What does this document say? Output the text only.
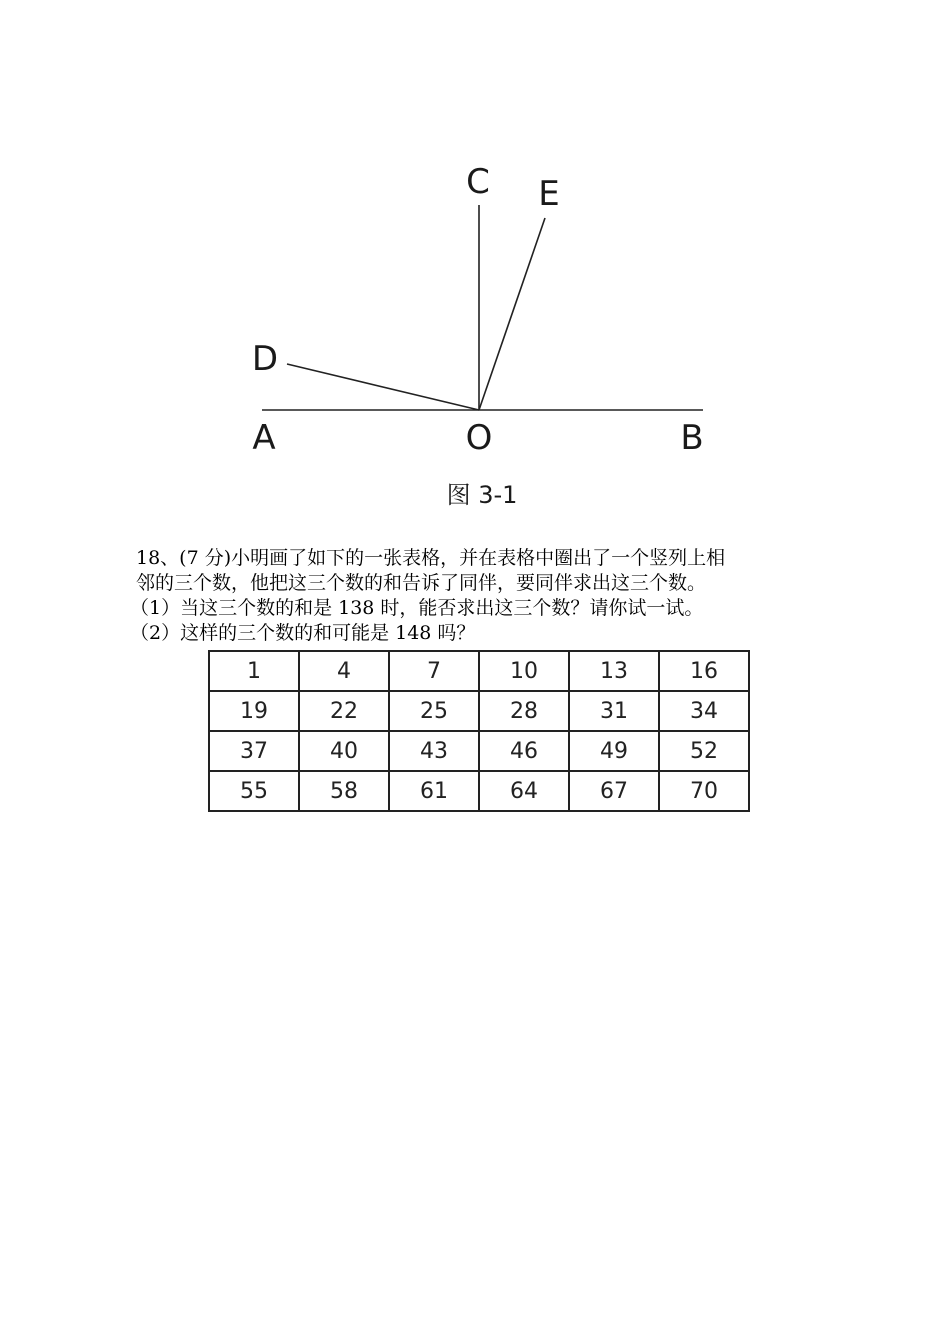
A	O	B
C E
D
图 3-1
18、(7 分)小明画了如下的一张表格，并在表格中圈出了一个竖列上相
邻的三个数，他把这三个数的和告诉了同伴，要同伴求出这三个数。
（1）当这三个数的和是 138 时，能否求出这三个数？请你试一试。
（2）这样的三个数的和可能是 148 吗？
1	4	7	10	13	16
19	22	25	28	31	34
37	40	43	46	49	52
55	58	61	64	67	70
